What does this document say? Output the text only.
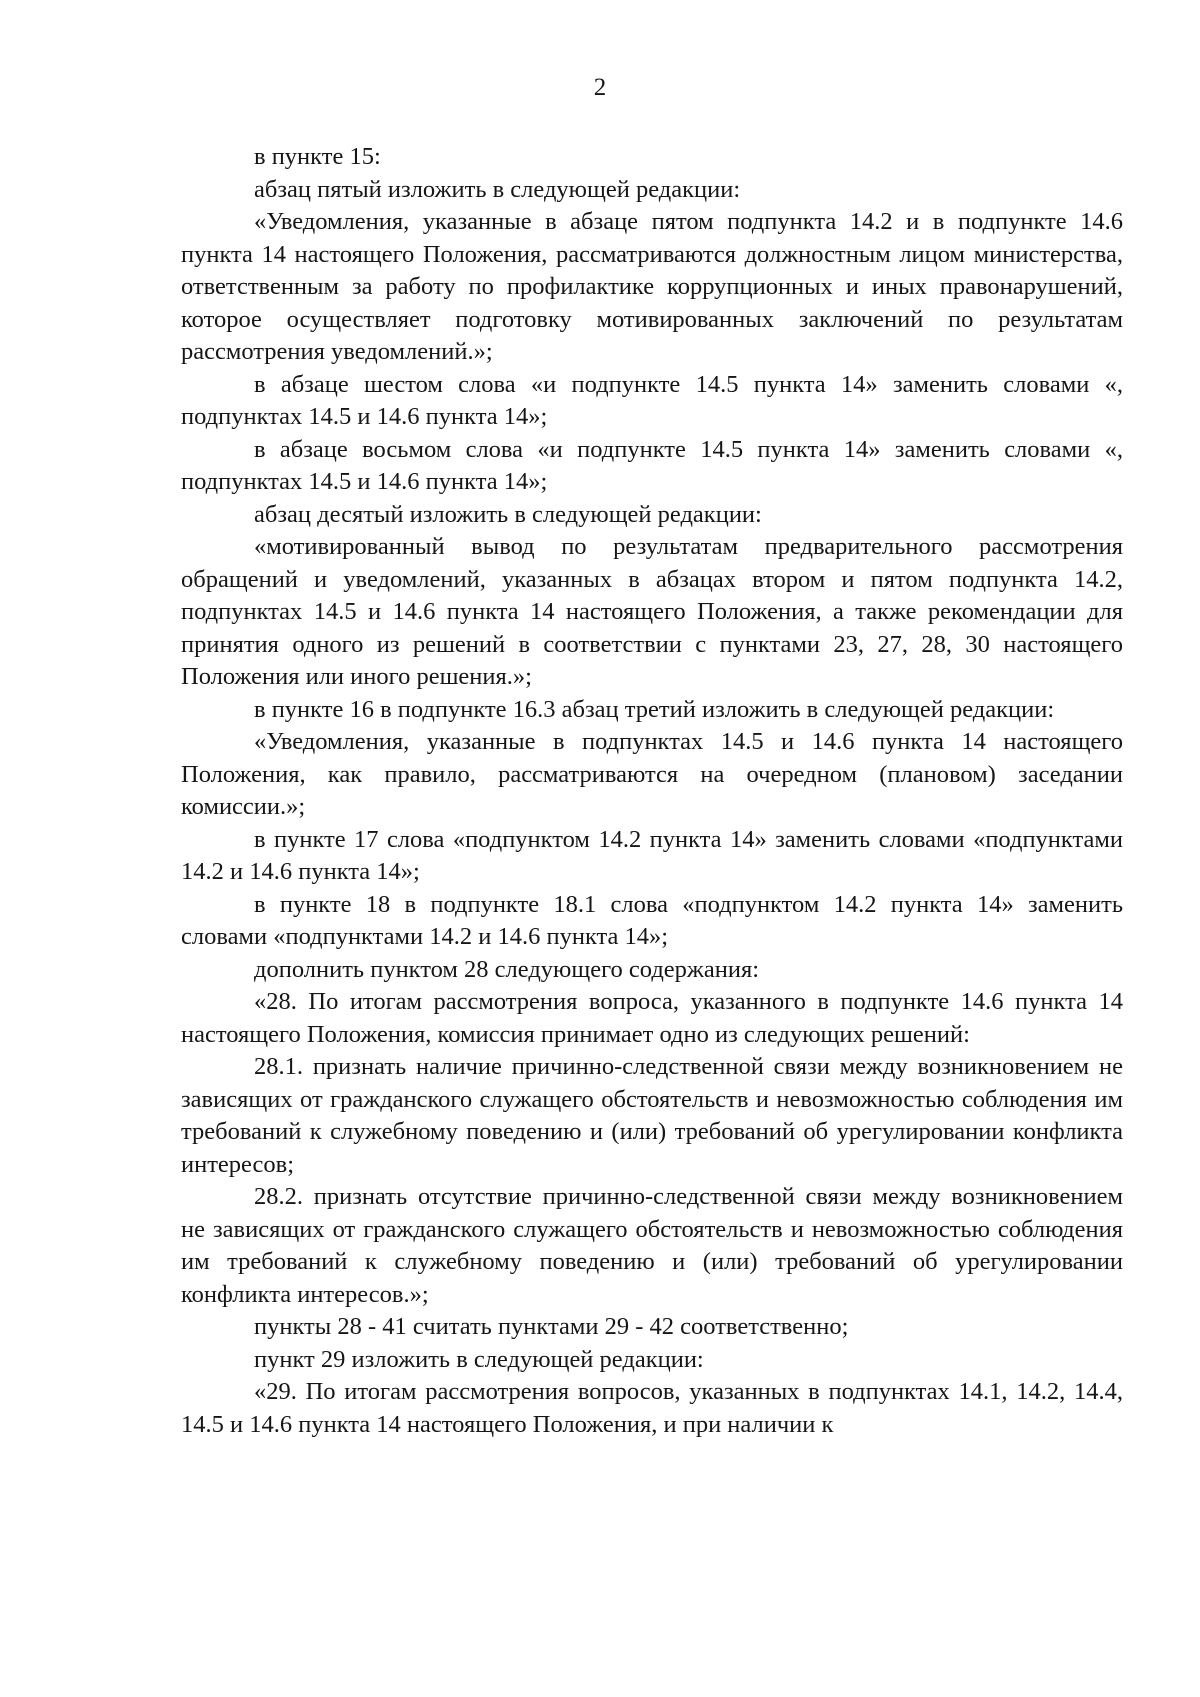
2

в пункте 15:

абзац пятый изложить в следующей редакции:

«Уведомления, указанные в абзаце пятом подпункта 14.2 и в подпункте 14.6 пункта 14 настоящего Положения, рассматриваются должностным лицом министерства, ответственным за работу по профилактике коррупционных и иных правонарушений, которое осуществляет подготовку мотивированных заключений по результатам рассмотрения уведомлений.»;

в абзаце шестом слова «и подпункте 14.5 пункта 14» заменить словами «, подпунктах 14.5 и 14.6 пункта 14»;

в абзаце восьмом слова «и подпункте 14.5 пункта 14» заменить словами «, подпунктах 14.5 и 14.6 пункта 14»;

абзац десятый изложить в следующей редакции:

«мотивированный вывод по результатам предварительного рассмотрения обращений и уведомлений, указанных в абзацах втором и пятом подпункта 14.2, подпунктах 14.5 и 14.6 пункта 14 настоящего Положения, а также рекомендации для принятия одного из решений в соответствии с пунктами 23, 27, 28, 30 настоящего Положения или иного решения.»;

в пункте 16 в подпункте 16.3 абзац третий изложить в следующей редакции:

«Уведомления, указанные в подпунктах 14.5 и 14.6 пункта 14 настоящего Положения, как правило, рассматриваются на очередном (плановом) заседании комиссии.»;

в пункте 17 слова «подпунктом 14.2 пункта 14» заменить словами «подпунктами 14.2 и 14.6 пункта 14»;

в пункте 18 в подпункте 18.1 слова «подпунктом 14.2 пункта 14» заменить словами «подпунктами 14.2 и 14.6 пункта 14»;

дополнить пунктом 28 следующего содержания:

«28. По итогам рассмотрения вопроса, указанного в подпункте 14.6 пункта 14 настоящего Положения, комиссия принимает одно из следующих решений:

28.1. признать наличие причинно-следственной связи между возникновением не зависящих от гражданского служащего обстоятельств и невозможностью соблюдения им требований к служебному поведению и (или) требований об урегулировании конфликта интересов;

28.2. признать отсутствие причинно-следственной связи между возникновением не зависящих от гражданского служащего обстоятельств и невозможностью соблюдения им требований к служебному поведению и (или) требований об урегулировании конфликта интересов.»;

пункты 28 - 41 считать пунктами 29 - 42 соответственно;

пункт 29 изложить в следующей редакции:

«29. По итогам рассмотрения вопросов, указанных в подпунктах 14.1, 14.2, 14.4, 14.5 и 14.6 пункта 14 настоящего Положения, и при наличии к
